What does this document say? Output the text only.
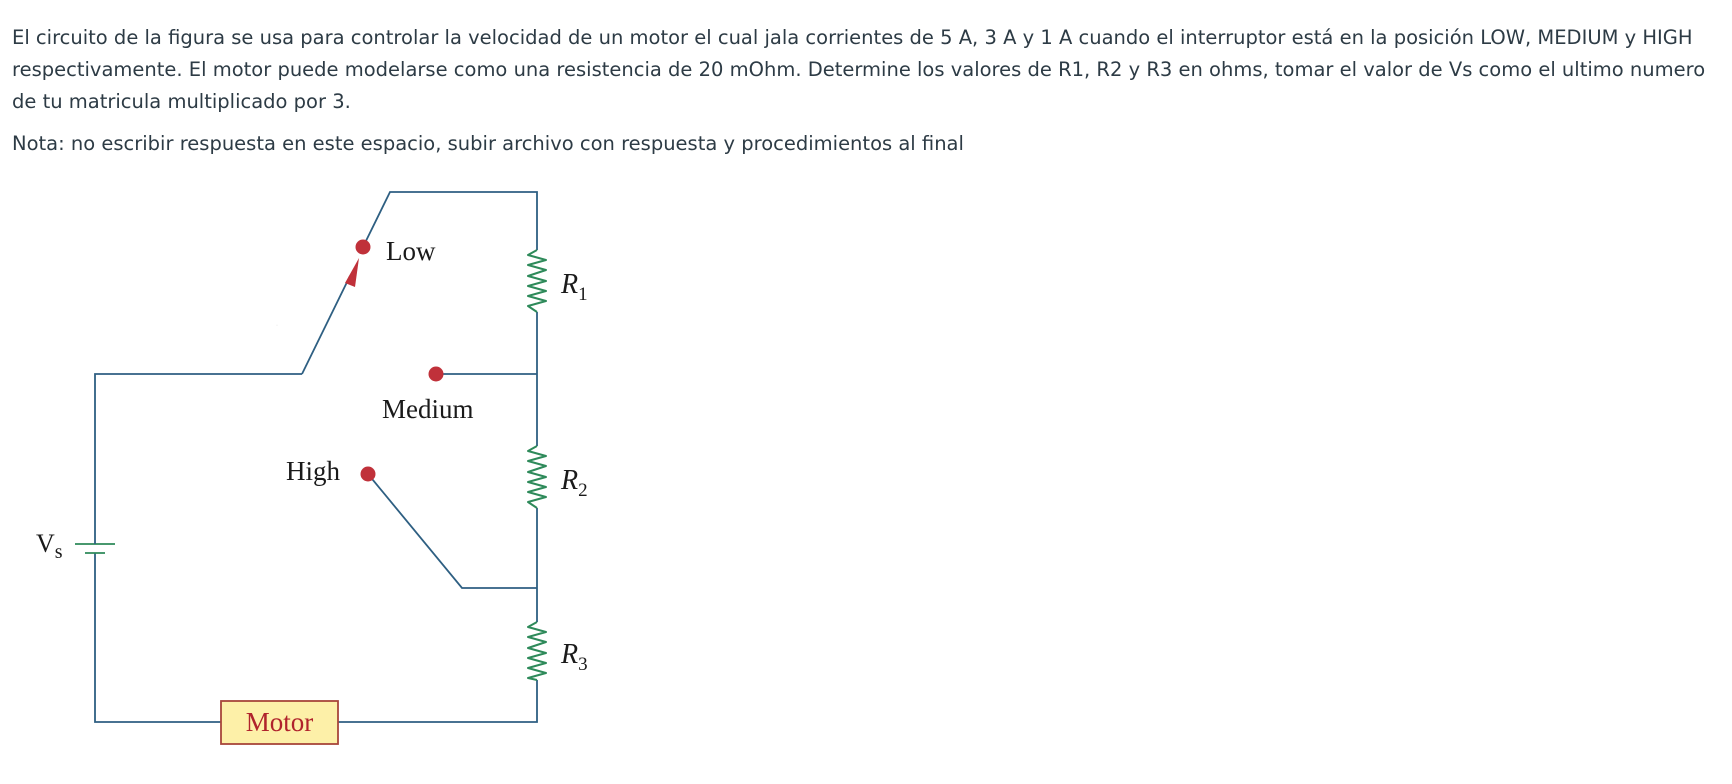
El circuito de la figura se usa para controlar la velocidad de un motor el cual jala corrientes de 5 A, 3 A y 1 A cuando el interruptor está en la posición LOW, MEDIUM y HIGH respectivamente. El motor puede modelarse como una resistencia de 20 mOhm. Determine los valores de R1, R2 y R3 en ohms, tomar el valor de Vs como el ultimo numero de tu matricula multiplicado por 3.

Nota: no escribir respuesta en este espacio, subir archivo con respuesta y procedimientos al final

·
Motor
Low
Medium
High
$R_1$
$R_2$
$R_3$
$V_s$
